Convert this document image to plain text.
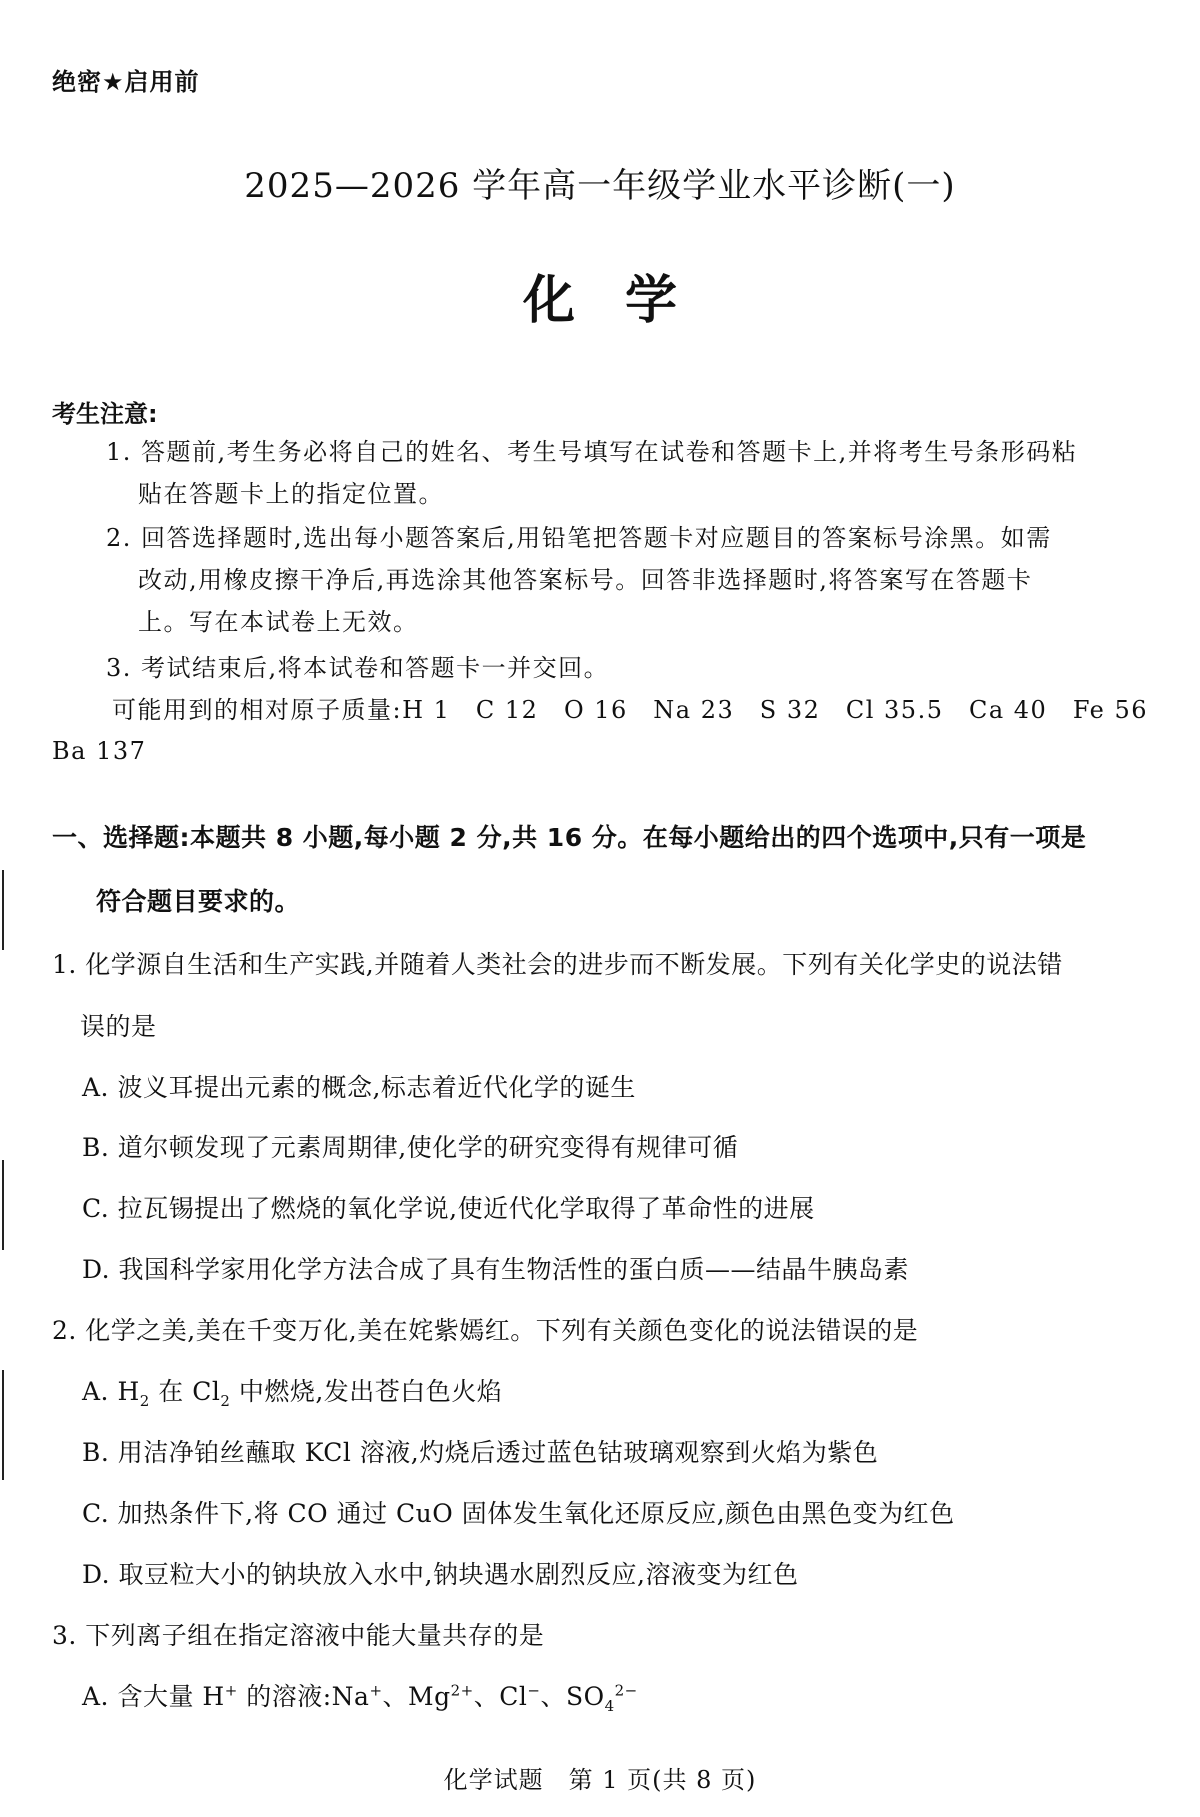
绝密★启用前
2025—2026 学年高一年级学业水平诊断(一)
化学
考生注意:
1. 答题前,考生务必将自己的姓名、考生号填写在试卷和答题卡上,并将考生号条形码粘
贴在答题卡上的指定位置。
2. 回答选择题时,选出每小题答案后,用铅笔把答题卡对应题目的答案标号涂黑。如需
改动,用橡皮擦干净后,再选涂其他答案标号。回答非选择题时,将答案写在答题卡
上。写在本试卷上无效。
3. 考试结束后,将本试卷和答题卡一并交回。
可能用到的相对原子质量:H 1　C 12　O 16　Na 23　S 32　Cl 35.5　Ca 40　Fe 56
Ba 137
一、选择题:本题共 8 小题,每小题 2 分,共 16 分。在每小题给出的四个选项中,只有一项是
符合题目要求的。
1. 化学源自生活和生产实践,并随着人类社会的进步而不断发展。下列有关化学史的说法错
误的是
A. 波义耳提出元素的概念,标志着近代化学的诞生
B. 道尔顿发现了元素周期律,使化学的研究变得有规律可循
C. 拉瓦锡提出了燃烧的氧化学说,使近代化学取得了革命性的进展
D. 我国科学家用化学方法合成了具有生物活性的蛋白质——结晶牛胰岛素
2. 化学之美,美在千变万化,美在姹紫嫣红。下列有关颜色变化的说法错误的是
A. $H_2$ 在 $Cl_2$ 中燃烧,发出苍白色火焰
B. 用洁净铂丝蘸取 KCl 溶液,灼烧后透过蓝色钴玻璃观察到火焰为紫色
C. 加热条件下,将 CO 通过 CuO 固体发生氧化还原反应,颜色由黑色变为红色
D. 取豆粒大小的钠块放入水中,钠块遇水剧烈反应,溶液变为红色
3. 下列离子组在指定溶液中能大量共存的是
A. 含大量 H+ 的溶液:Na+、$Mg^{2+}$、Cl−、$SO_4^{2-}$
化学试题　第 1 页(共 8 页)
